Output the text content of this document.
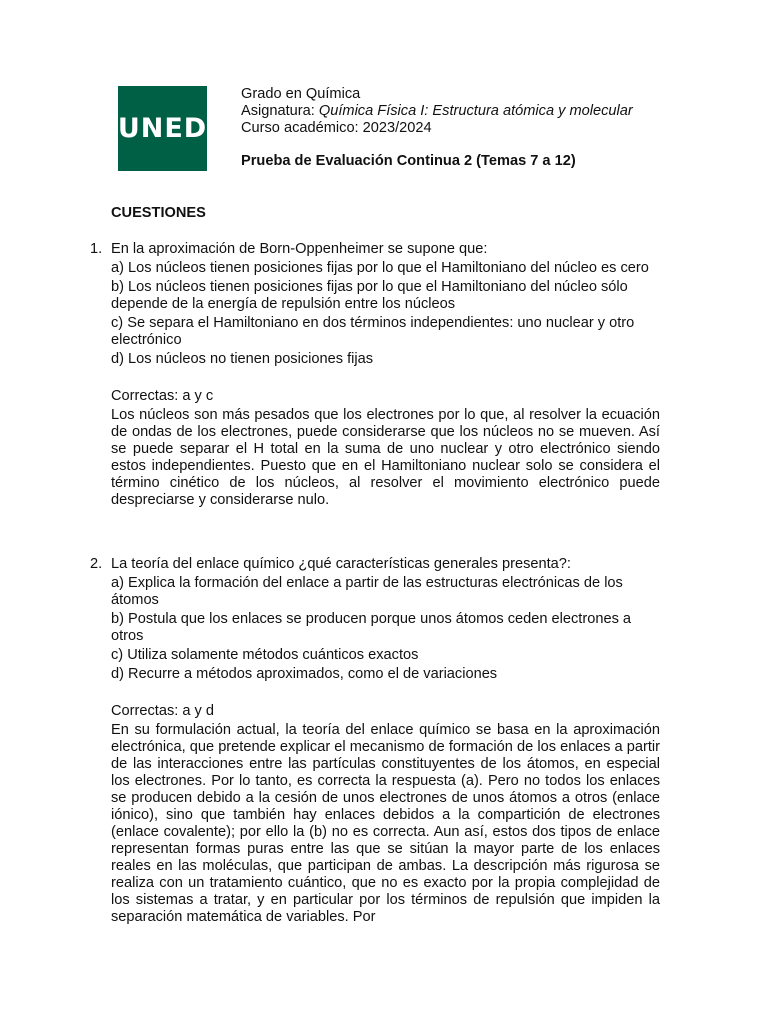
UNED
Grado en Química
Asignatura: Química Física I: Estructura atómica y molecular
Curso académico: 2023/2024
Prueba de Evaluación Continua 2 (Temas 7 a 12)
CUESTIONES
1. En la aproximación de Born-Oppenheimer se supone que:
a) Los núcleos tienen posiciones fijas por lo que el Hamiltoniano del núcleo es cero
b) Los núcleos tienen posiciones fijas por lo que el Hamiltoniano del núcleo sólo depende de la energía de repulsión entre los núcleos
c) Se separa el Hamiltoniano en dos términos independientes: uno nuclear y otro electrónico
d) Los núcleos no tienen posiciones fijas
Correctas: a y c
Los núcleos son más pesados que los electrones por lo que, al resolver la ecuación de ondas de los electrones, puede considerarse que los núcleos no se mueven. Así se puede separar el H total en la suma de uno nuclear y otro electrónico siendo estos independientes. Puesto que en el Hamiltoniano nuclear solo se considera el término cinético de los núcleos, al resolver el movimiento electrónico puede despreciarse y considerarse nulo.
2. La teoría del enlace químico ¿qué características generales presenta?:
a) Explica la formación del enlace a partir de las estructuras electrónicas de los átomos
b) Postula que los enlaces se producen porque unos átomos ceden electrones a otros
c) Utiliza solamente métodos cuánticos exactos
d) Recurre a métodos aproximados, como el de variaciones
Correctas: a y d
En su formulación actual, la teoría del enlace químico se basa en la aproximación electrónica, que pretende explicar el mecanismo de formación de los enlaces a partir de las interacciones entre las partículas constituyentes de los átomos, en especial los electrones. Por lo tanto, es correcta la respuesta (a). Pero no todos los enlaces se producen debido a la cesión de unos electrones de unos átomos a otros (enlace iónico), sino que también hay enlaces debidos a la compartición de electrones (enlace covalente); por ello la (b) no es correcta. Aun así, estos dos tipos de enlace representan formas puras entre las que se sitúan la mayor parte de los enlaces reales en las moléculas, que participan de ambas. La descripción más rigurosa se realiza con un tratamiento cuántico, que no es exacto por la propia complejidad de los sistemas a tratar, y en particular por los términos de repulsión que impiden la separación matemática de variables. Por
